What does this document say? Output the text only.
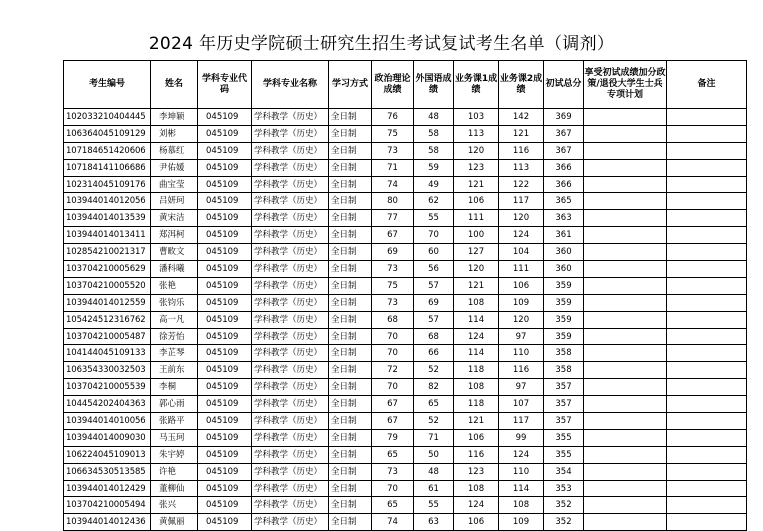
2024 年历史学院硕士研究生招生考试复试考生名单（调剂）
考生编号	姓名	学科专业代码	学科专业名称	学习方式	政治理论成绩	外国语成绩	业务课1成绩	业务课2成绩	初试总分	享受初试成绩加分政策/退役大学生士兵专项计划	备注
102033210404445	李坤颖	045109	学科教学（历史）	全日制	76	48	103	142	369		
106364045109129	刘彬	045109	学科教学（历史）	全日制	75	58	113	121	367		
107184651420606	杨慕红	045109	学科教学（历史）	全日制	73	58	120	116	367		
107184141106686	尹佑媛	045109	学科教学（历史）	全日制	71	59	123	113	366		
102314045109176	曲宝莹	045109	学科教学（历史）	全日制	74	49	121	122	366		
103944014012056	吕妍珂	045109	学科教学（历史）	全日制	80	62	106	117	365		
103944014013539	黄宋洁	045109	学科教学（历史）	全日制	77	55	111	120	363		
103944014013411	郑洱柯	045109	学科教学（历史）	全日制	67	70	100	124	361		
102854210021317	曹畋文	045109	学科教学（历史）	全日制	69	60	127	104	360		
103704210005629	潘科曦	045109	学科教学（历史）	全日制	73	56	120	111	360		
103704210005520	张艳	045109	学科教学（历史）	全日制	75	57	121	106	359		
103944014012559	张钧乐	045109	学科教学（历史）	全日制	73	69	108	109	359		
105424512316762	高一凡	045109	学科教学（历史）	全日制	68	57	114	120	359		
103704210005487	徐芳怡	045109	学科教学（历史）	全日制	70	68	124	97	359		
104144045109133	李芷琴	045109	学科教学（历史）	全日制	70	66	114	110	358		
106354330032503	王前东	045109	学科教学（历史）	全日制	72	52	118	116	358		
103704210005539	李桐	045109	学科教学（历史）	全日制	70	82	108	97	357		
104454202404363	郭心雨	045109	学科教学（历史）	全日制	67	65	118	107	357		
103944014010056	张路平	045109	学科教学（历史）	全日制	67	52	121	117	357		
103944014009030	马玉珂	045109	学科教学（历史）	全日制	79	71	106	99	355		
106224045109013	朱宇婷	045109	学科教学（历史）	全日制	65	50	116	124	355		
106634530513585	许艳	045109	学科教学（历史）	全日制	73	48	123	110	354		
103944014012429	董柳仙	045109	学科教学（历史）	全日制	70	61	108	114	353		
103704210005494	张兴	045109	学科教学（历史）	全日制	65	55	124	108	352		
103944014012436	黄佩丽	045109	学科教学（历史）	全日制	74	63	106	109	352		
